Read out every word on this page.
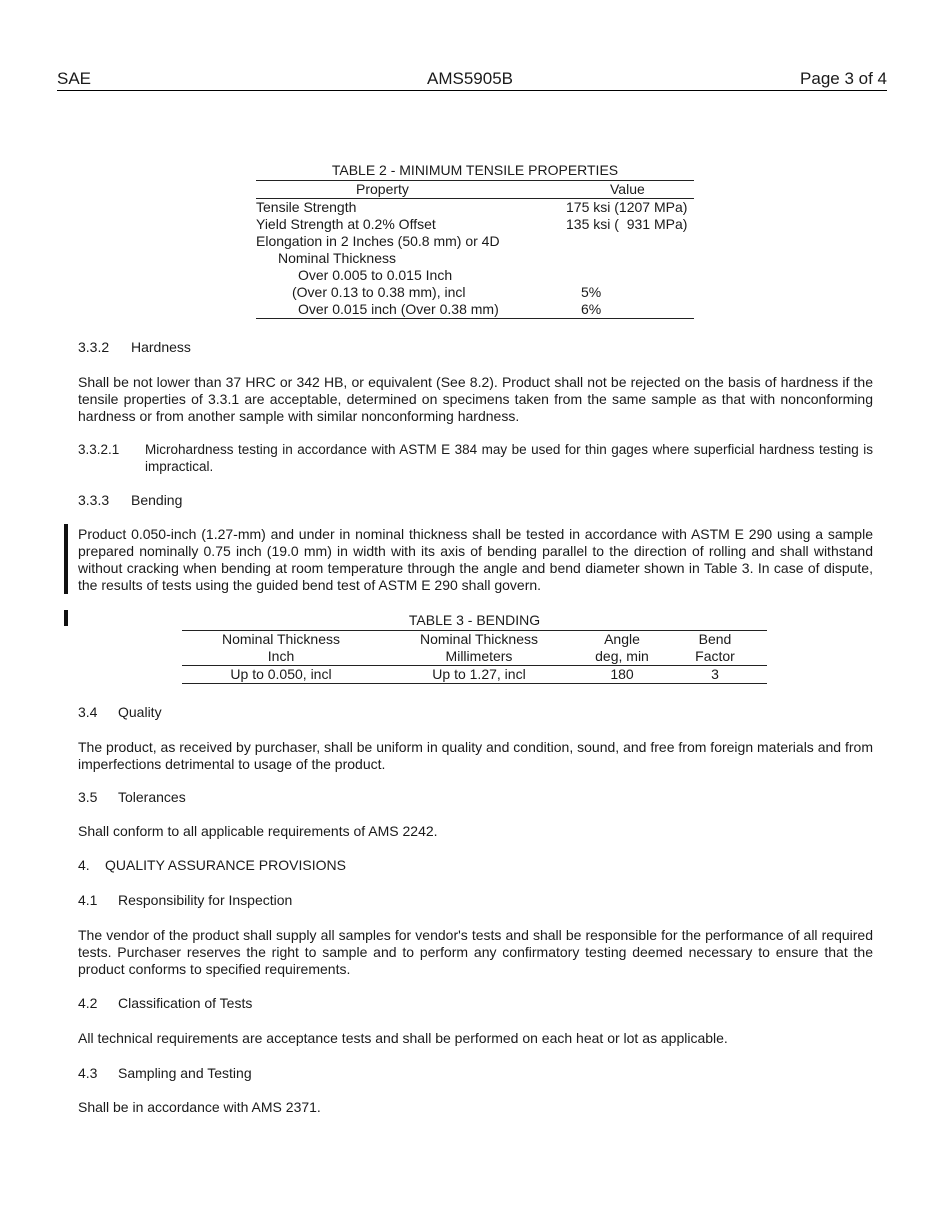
SAE	AMS5905B	Page 3 of 4
TABLE 2 - MINIMUM TENSILE PROPERTIES
Property	Value
Tensile Strength	175 ksi (1207 MPa)
Yield Strength at 0.2% Offset	135 ksi (  931 MPa)
Elongation in 2 Inches (50.8 mm) or 4D
Nominal Thickness
Over 0.005 to 0.015 Inch
(Over 0.13 to 0.38 mm), incl	5%
Over 0.015 inch (Over 0.38 mm)	6%
3.3.2 Hardness
Shall be not lower than 37 HRC or 342 HB, or equivalent (See 8.2). Product shall not be rejected on the basis of hardness if the tensile properties of 3.3.1 are acceptable, determined on specimens taken from the same sample as that with nonconforming hardness or from another sample with similar nonconforming hardness.
3.3.2.1 Microhardness testing in accordance with ASTM E 384 may be used for thin gages where superficial hardness testing is impractical.
3.3.3 Bending
Product 0.050-inch (1.27-mm) and under in nominal thickness shall be tested in accordance with ASTM E 290 using a sample prepared nominally 0.75 inch (19.0 mm) in width with its axis of bending parallel to the direction of rolling and shall withstand without cracking when bending at room temperature through the angle and bend diameter shown in Table 3. In case of dispute, the results of tests using the guided bend test of ASTM E 290 shall govern.
TABLE 3 - BENDING
Nominal Thickness	Nominal Thickness	Angle	Bend
Inch	Millimeters	deg, min	Factor
Up to 0.050, incl	Up to 1.27, incl	180	3
3.4 Quality
The product, as received by purchaser, shall be uniform in quality and condition, sound, and free from foreign materials and from imperfections detrimental to usage of the product.
3.5 Tolerances
Shall conform to all applicable requirements of AMS 2242.
4. QUALITY ASSURANCE PROVISIONS
4.1 Responsibility for Inspection
The vendor of the product shall supply all samples for vendor's tests and shall be responsible for the performance of all required tests. Purchaser reserves the right to sample and to perform any confirmatory testing deemed necessary to ensure that the product conforms to specified requirements.
4.2 Classification of Tests
All technical requirements are acceptance tests and shall be performed on each heat or lot as applicable.
4.3 Sampling and Testing
Shall be in accordance with AMS 2371.
